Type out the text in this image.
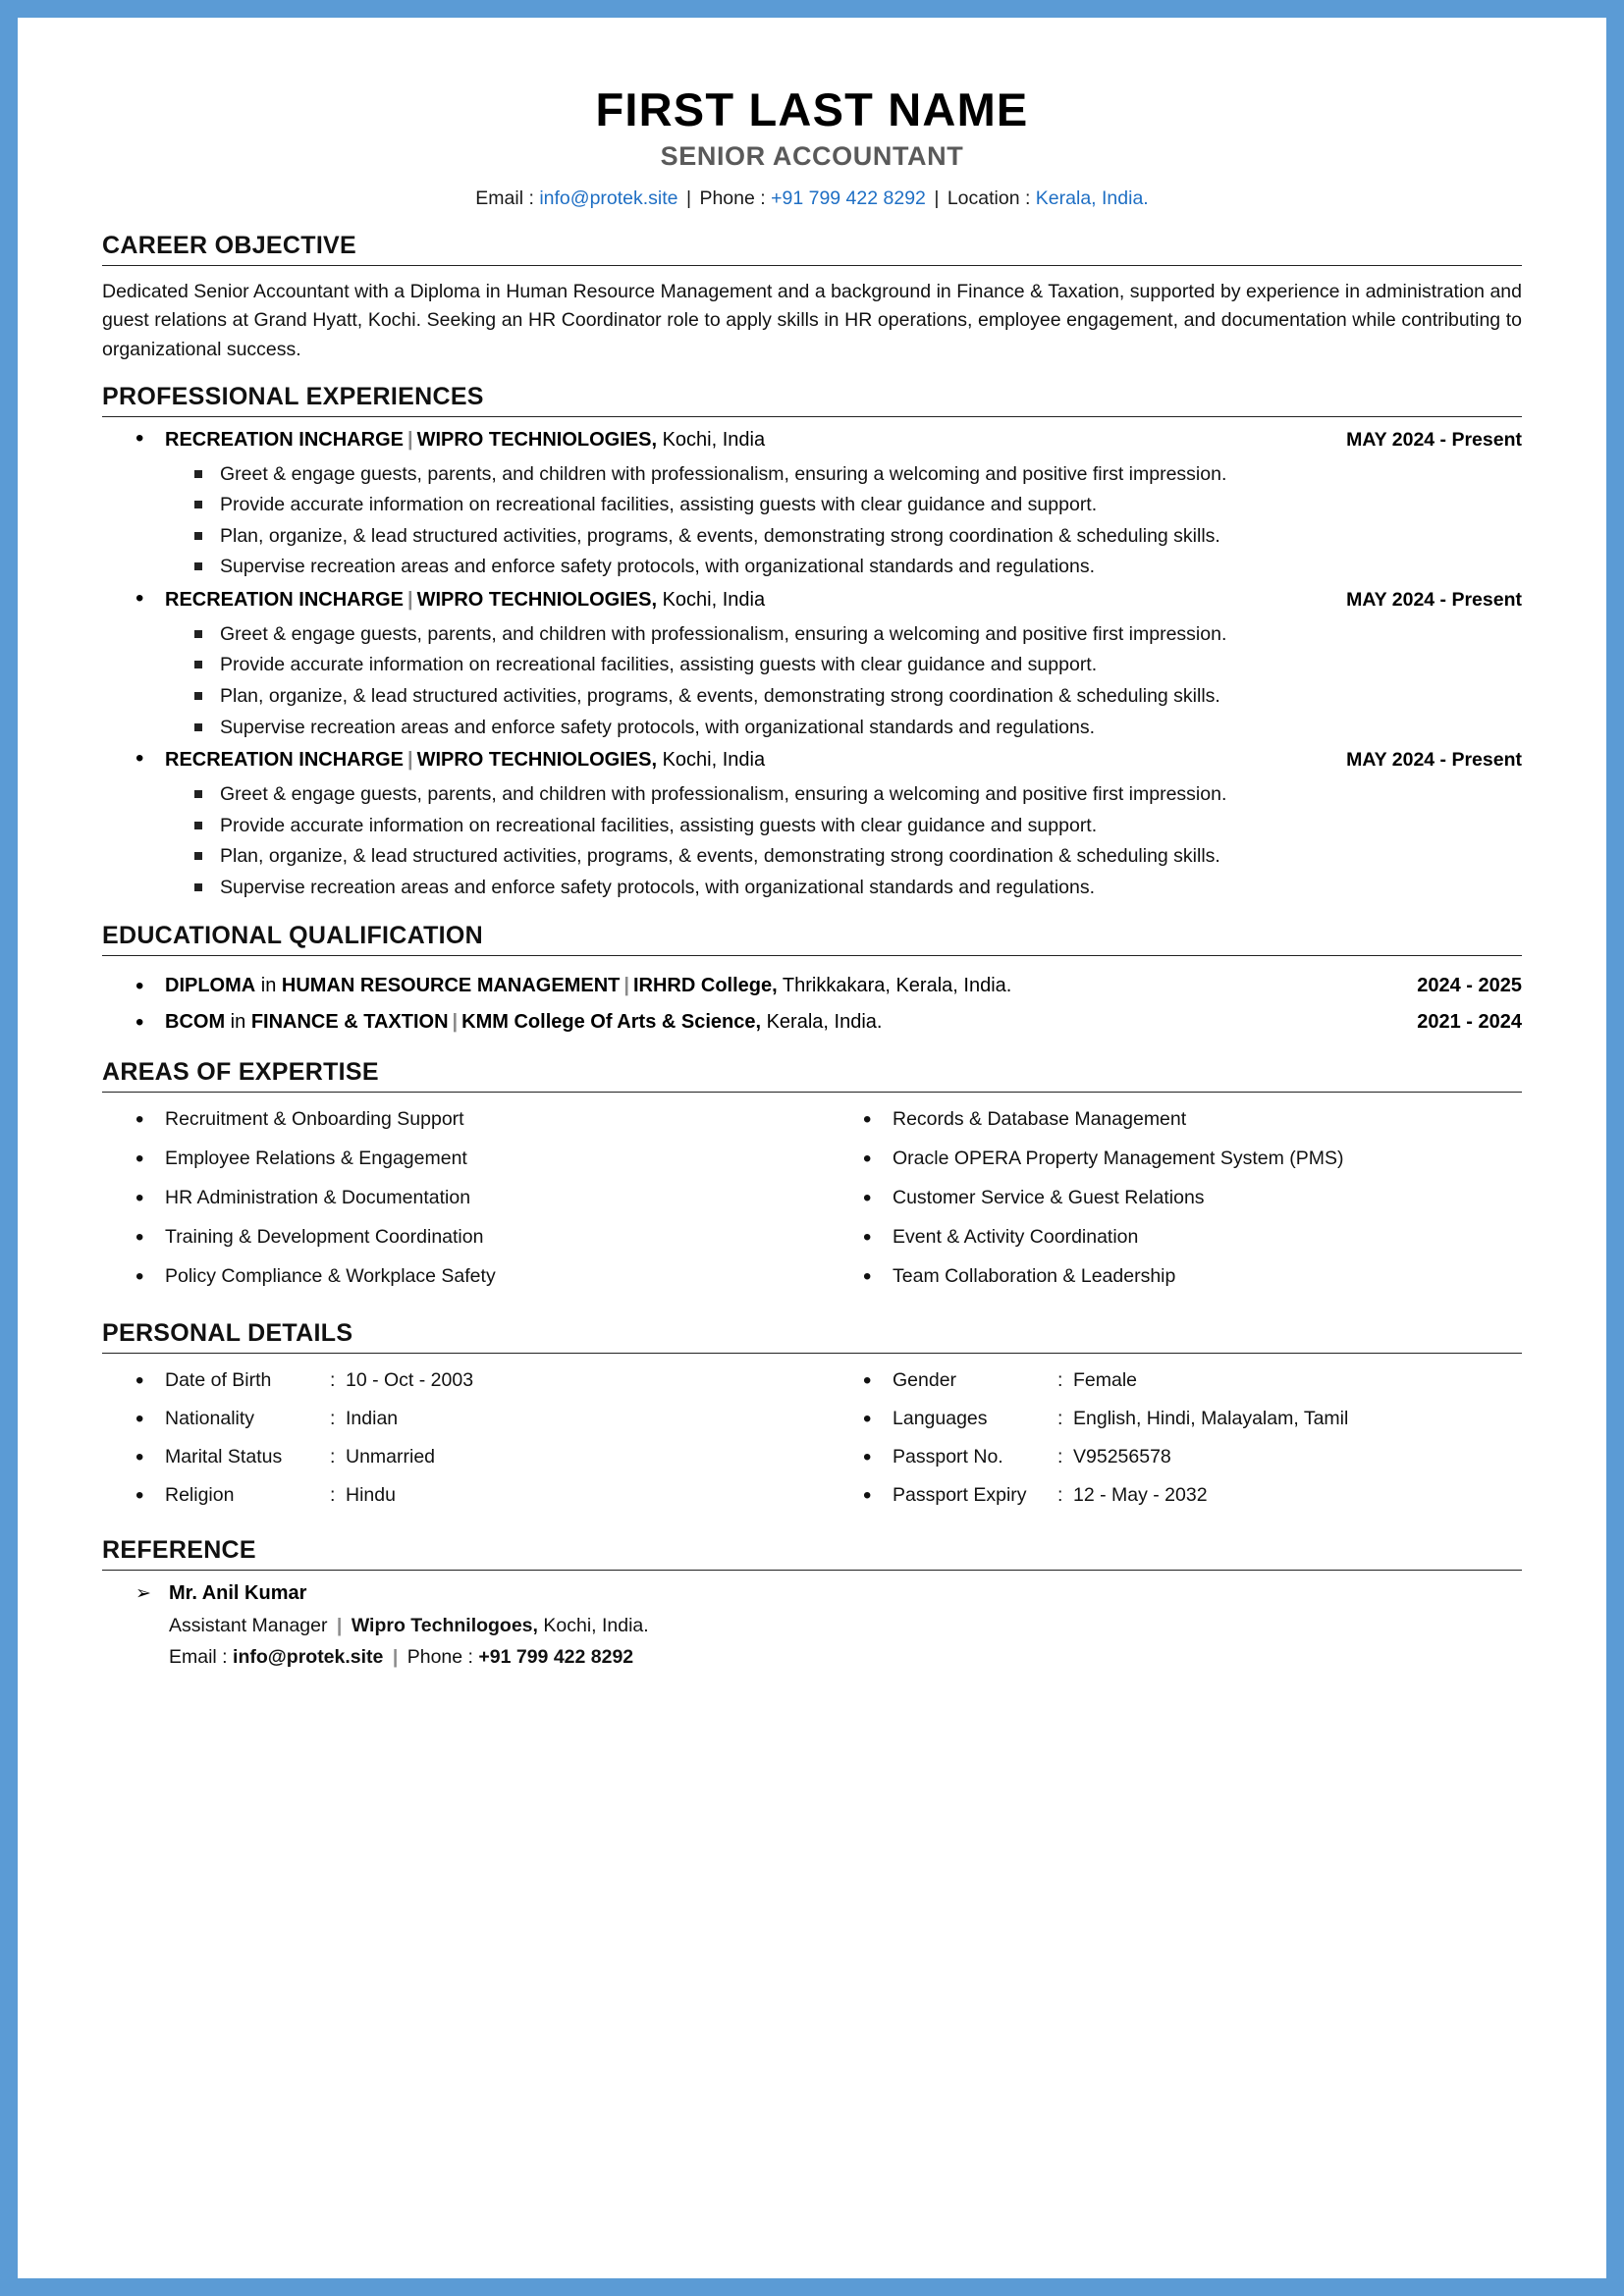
FIRST LAST NAME
SENIOR ACCOUNTANT
Email : info@protek.site | Phone : +91 799 422 8292 | Location : Kerala, India.
CAREER OBJECTIVE
Dedicated Senior Accountant with a Diploma in Human Resource Management and a background in Finance & Taxation, supported by experience in administration and guest relations at Grand Hyatt, Kochi. Seeking an HR Coordinator role to apply skills in HR operations, employee engagement, and documentation while contributing to organizational success.
PROFESSIONAL EXPERIENCES
• RECREATION INCHARGE | WIPRO TECHNIOLOGIES, Kochi, India	MAY 2024 - Present
Greet & engage guests, parents, and children with professionalism, ensuring a welcoming and positive first impression.
Provide accurate information on recreational facilities, assisting guests with clear guidance and support.
Plan, organize, & lead structured activities, programs, & events, demonstrating strong coordination & scheduling skills.
Supervise recreation areas and enforce safety protocols, with organizational standards and regulations.
• RECREATION INCHARGE | WIPRO TECHNIOLOGIES, Kochi, India	MAY 2024 - Present
Greet & engage guests, parents, and children with professionalism, ensuring a welcoming and positive first impression.
Provide accurate information on recreational facilities, assisting guests with clear guidance and support.
Plan, organize, & lead structured activities, programs, & events, demonstrating strong coordination & scheduling skills.
Supervise recreation areas and enforce safety protocols, with organizational standards and regulations.
• RECREATION INCHARGE | WIPRO TECHNIOLOGIES, Kochi, India	MAY 2024 - Present
Greet & engage guests, parents, and children with professionalism, ensuring a welcoming and positive first impression.
Provide accurate information on recreational facilities, assisting guests with clear guidance and support.
Plan, organize, & lead structured activities, programs, & events, demonstrating strong coordination & scheduling skills.
Supervise recreation areas and enforce safety protocols, with organizational standards and regulations.
EDUCATIONAL QUALIFICATION
• DIPLOMA in HUMAN RESOURCE MANAGEMENT | IRHRD College, Thrikkakara, Kerala, India.	2024 - 2025
• BCOM in FINANCE & TAXTION | KMM College Of Arts & Science, Kerala, India.	2021 - 2024
AREAS OF EXPERTISE
• Recruitment & Onboarding Support
• Employee Relations & Engagement
• HR Administration & Documentation
• Training & Development Coordination
• Policy Compliance & Workplace Safety
• Records & Database Management
• Oracle OPERA Property Management System (PMS)
• Customer Service & Guest Relations
• Event & Activity Coordination
• Team Collaboration & Leadership
PERSONAL DETAILS
• Date of Birth	: 10 - Oct - 2003
• Nationality	: Indian
• Marital Status	: Unmarried
• Religion	: Hindu
• Gender	: Female
• Languages	: English, Hindi, Malayalam, Tamil
• Passport No.	: V95256578
• Passport Expiry	: 12 - May - 2032
REFERENCE
➢ Mr. Anil Kumar
Assistant Manager | Wipro Technilogoes, Kochi, India.
Email : info@protek.site | Phone : +91 799 422 8292
